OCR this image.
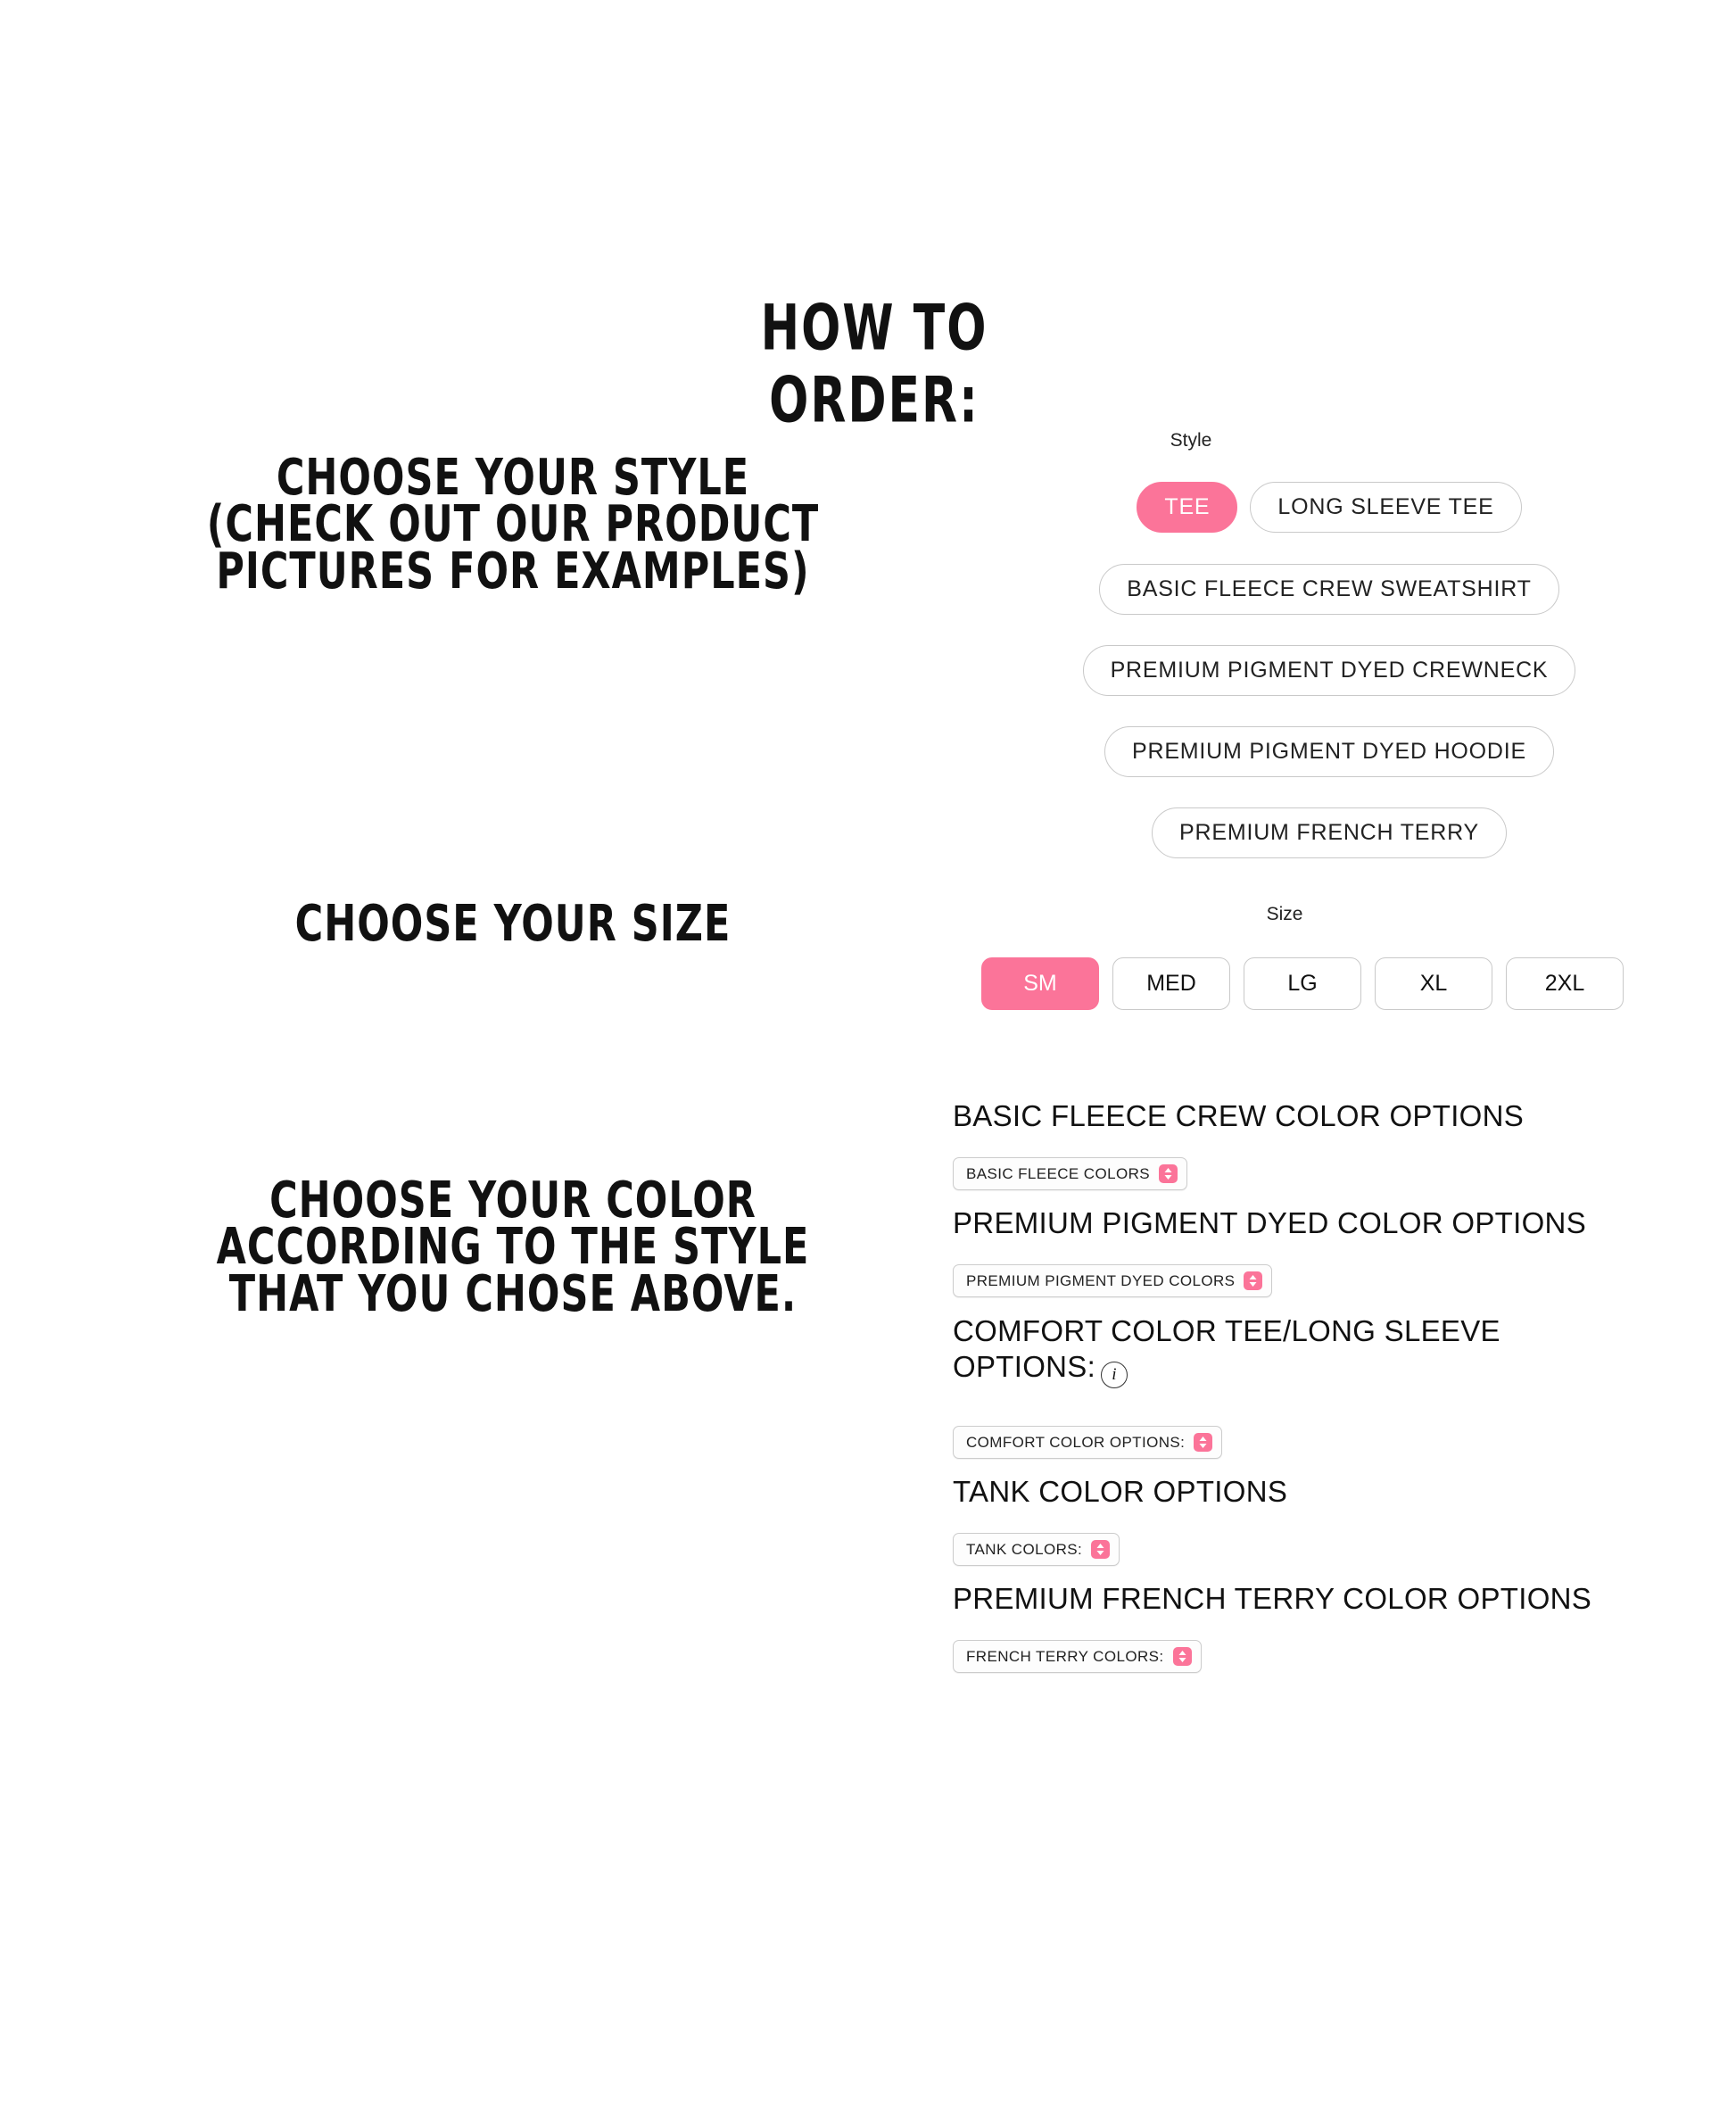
HOW TO ORDER:
CHOOSE YOUR STYLE
(CHECK OUT OUR PRODUCT
PICTURES FOR EXAMPLES)
CHOOSE YOUR SIZE
CHOOSE YOUR COLOR
ACCORDING TO THE STYLE
THAT YOU CHOSE ABOVE.
Style
TEE	LONG SLEEVE TEE
BASIC FLEECE CREW SWEATSHIRT
PREMIUM PIGMENT DYED CREWNECK
PREMIUM PIGMENT DYED HOODIE
PREMIUM FRENCH TERRY
Size
SM	MED	LG	XL	2XL
BASIC FLEECE CREW COLOR OPTIONS
BASIC FLEECE COLORS
PREMIUM PIGMENT DYED COLOR OPTIONS
PREMIUM PIGMENT DYED COLORS
COMFORT COLOR TEE/LONG SLEEVE OPTIONS: i
COMFORT COLOR OPTIONS:
TANK COLOR OPTIONS
TANK COLORS:
PREMIUM FRENCH TERRY COLOR OPTIONS
FRENCH TERRY COLORS:
